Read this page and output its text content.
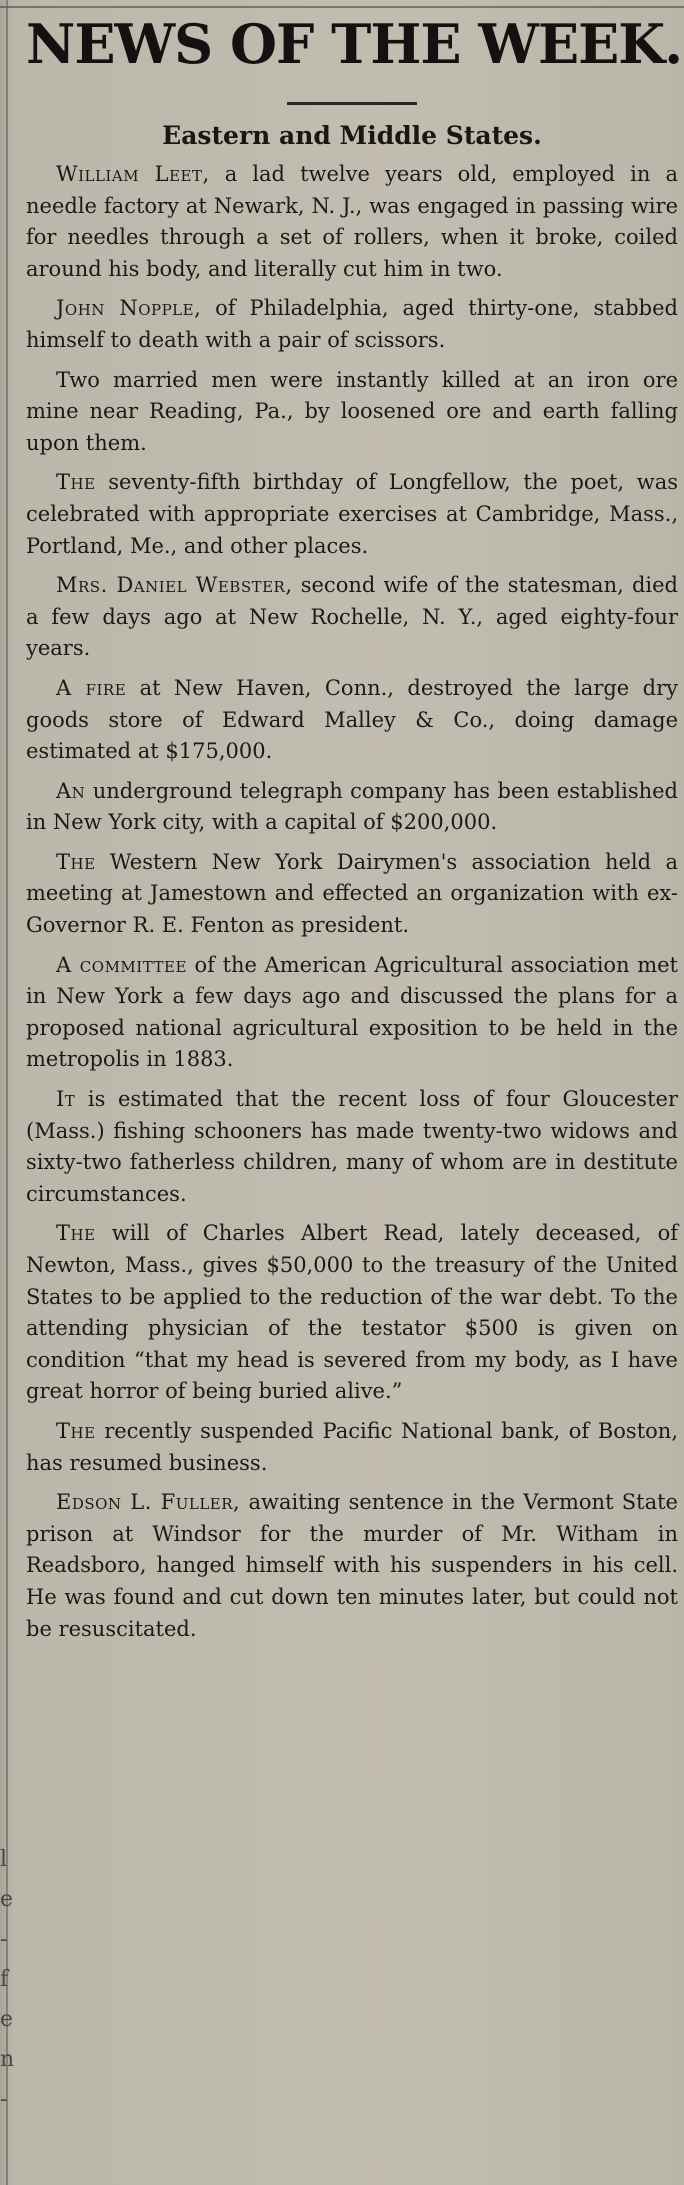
l
e
-
f
e
n
-
NEWS OF THE WEEK.
Eastern and Middle States.

William Leet, a lad twelve years old, employed in a needle factory at Newark, N. J., was engaged in passing wire for needles through a set of rollers, when it broke, coiled around his body, and literally cut him in two.

John Nopple, of Philadelphia, aged thirty-one, stabbed himself to death with a pair of scissors.

Two married men were instantly killed at an iron ore mine near Reading, Pa., by loosened ore and earth falling upon them.

The seventy-fifth birthday of Longfellow, the poet, was celebrated with appropriate exercises at Cambridge, Mass., Portland, Me., and other places.

Mrs. Daniel Webster, second wife of the statesman, died a few days ago at New Rochelle, N. Y., aged eighty-four years.

A fire at New Haven, Conn., destroyed the large dry goods store of Edward Malley & Co., doing damage estimated at $175,000.

An underground telegraph company has been established in New York city, with a capital of $200,000.

The Western New York Dairymen's association held a meeting at Jamestown and effected an organization with ex-Governor R. E. Fenton as president.

A committee of the American Agricultural association met in New York a few days ago and discussed the plans for a proposed national agricultural exposition to be held in the metropolis in 1883.

It is estimated that the recent loss of four Gloucester (Mass.) fishing schooners has made twenty-two widows and sixty-two fatherless children, many of whom are in destitute circumstances.

The will of Charles Albert Read, lately deceased, of Newton, Mass., gives $50,000 to the treasury of the United States to be applied to the reduction of the war debt. To the attending physician of the testator $500 is given on condition “that my head is severed from my body, as I have great horror of being buried alive.”

The recently suspended Pacific National bank, of Boston, has resumed business.

Edson L. Fuller, awaiting sentence in the Vermont State prison at Windsor for the murder of Mr. Witham in Readsboro, hanged himself with his suspenders in his cell. He was found and cut down ten minutes later, but could not be resuscitated.
